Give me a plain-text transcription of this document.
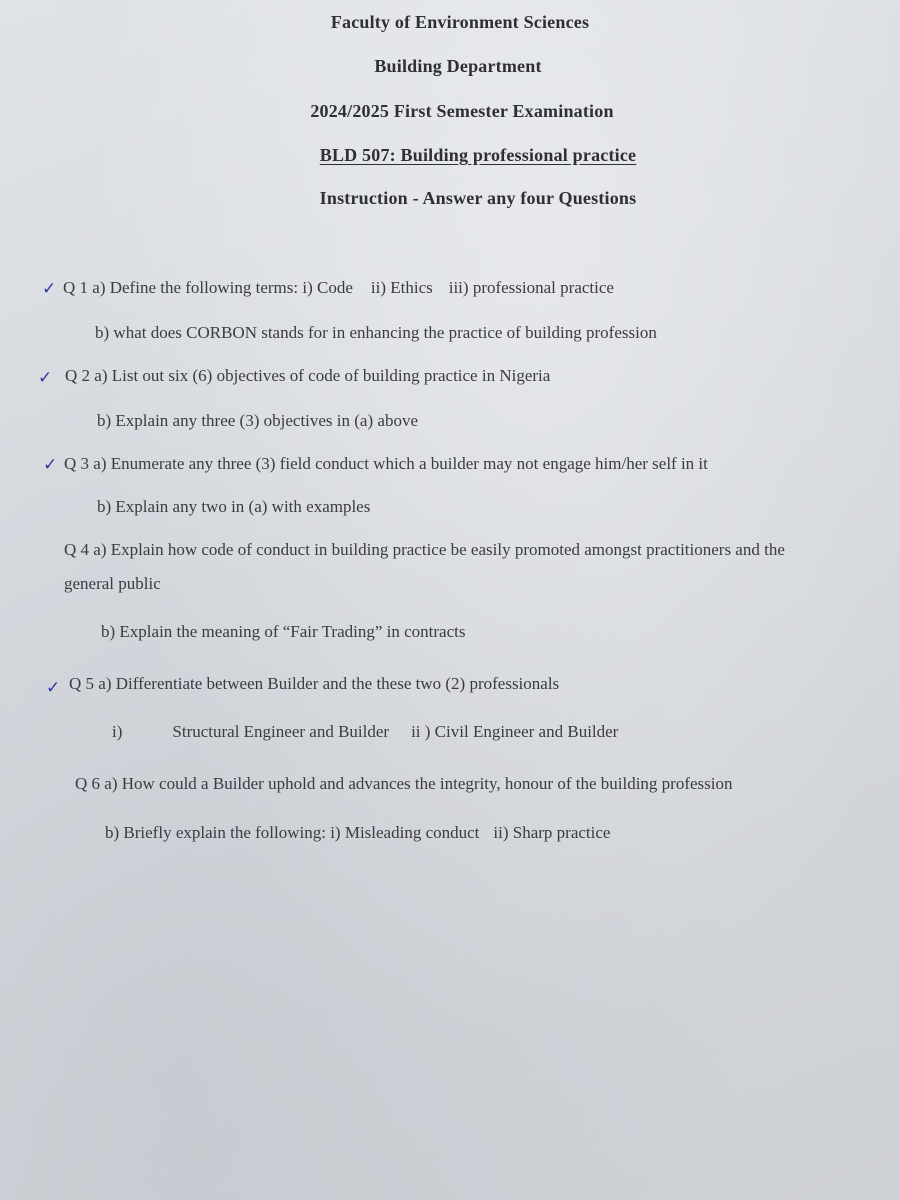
Faculty of Environment Sciences
Building Department
2024/2025 First Semester Examination
BLD 507: Building professional practice
Instruction - Answer any four Questions
✓ Q 1 a) Define the following terms: i) Code ii) Ethics iii) professional practice
b) what does CORBON stands for in enhancing the practice of building profession
✓ Q 2 a) List out six (6) objectives of code of building practice in Nigeria
b) Explain any three (3) objectives in (a) above
✓ Q 3 a) Enumerate any three (3) field conduct which a builder may not engage him/her self in it
b) Explain any two in (a) with examples
Q 4 a) Explain how code of conduct in building practice be easily promoted amongst practitioners and the
general public
b) Explain the meaning of “Fair Trading” in contracts
✓ Q 5 a) Differentiate between Builder and the these two (2) professionals
i)	Structural Engineer and Builder ii ) Civil Engineer and Builder
Q 6 a) How could a Builder uphold and advances the integrity, honour of the building profession
b) Briefly explain the following: i) Misleading conduct ii) Sharp practice
